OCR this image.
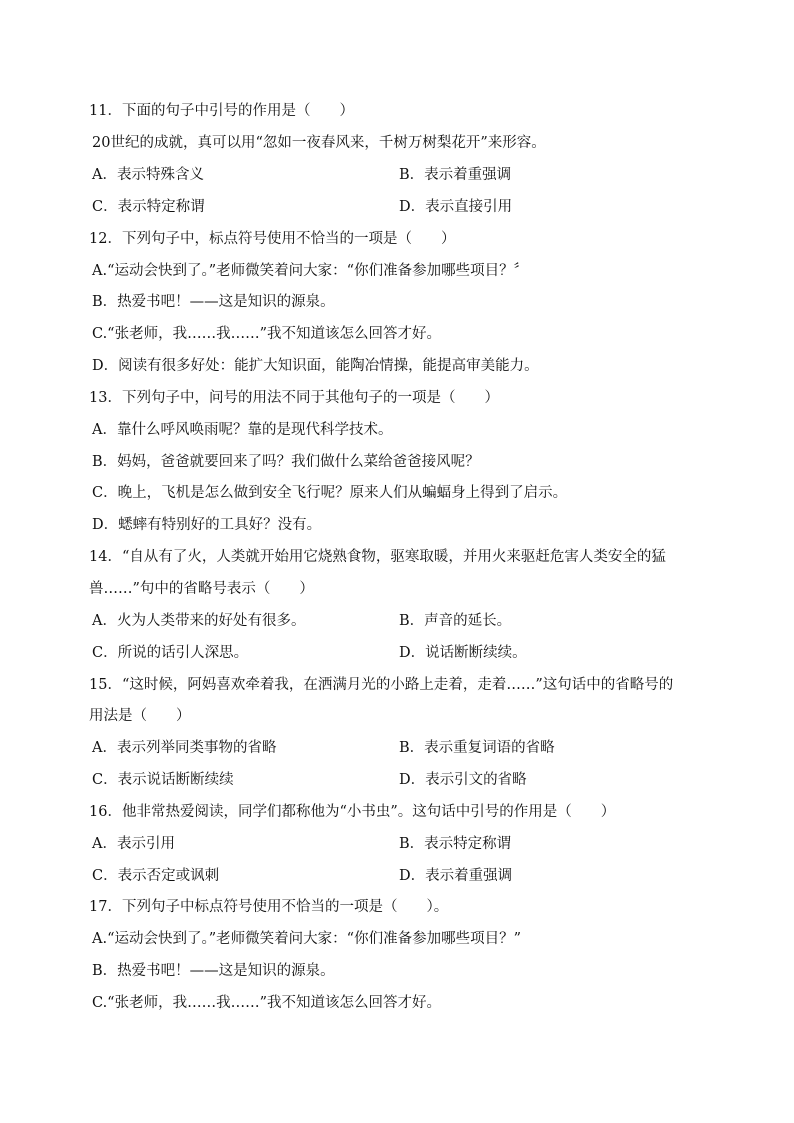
11．下面的句子中引号的作用是（　　）
20世纪的成就，真可以用“忽如一夜春风来，千树万树梨花开”来形容。
A．表示特殊含义	B．表示着重强调
C．表示特定称谓	D．表示直接引用
12．下列句子中，标点符号使用不恰当的一项是（　　）
A.“运动会快到了。”老师微笑着问大家：“你们准备参加哪些项目？〞
B．热爱书吧！——这是知识的源泉。
C.“张老师，我……我……”我不知道该怎么回答才好。
D．阅读有很多好处：能扩大知识面，能陶冶情操，能提高审美能力。
13．下列句子中，问号的用法不同于其他句子的一项是（　　）
A．靠什么呼风唤雨呢？靠的是现代科学技术。
B．妈妈，爸爸就要回来了吗？我们做什么菜给爸爸接风呢？
C．晚上，飞机是怎么做到安全飞行呢？原来人们从蝙蝠身上得到了启示。
D．蟋蟀有特别好的工具好？没有。
14．“自从有了火，人类就开始用它烧熟食物，驱寒取暖，并用火来驱赶危害人类安全的猛
兽……”句中的省略号表示（　　）
A．火为人类带来的好处有很多。	B．声音的延长。
C．所说的话引人深思。	D．说话断断续续。
15．“这时候，阿妈喜欢牵着我，在洒满月光的小路上走着，走着……”这句话中的省略号的
用法是（　　）
A．表示列举同类事物的省略	B．表示重复词语的省略
C．表示说话断断续续	D．表示引文的省略
16．他非常热爱阅读，同学们都称他为“小书虫”。这句话中引号的作用是（　　）
A．表示引用	B．表示特定称谓
C．表示否定或讽刺	D．表示着重强调
17．下列句子中标点符号使用不恰当的一项是（　　）。
A.“运动会快到了。”老师微笑着问大家：“你们准备参加哪些项目？”
B．热爱书吧！——这是知识的源泉。
C.“张老师，我……我……”我不知道该怎么回答才好。
